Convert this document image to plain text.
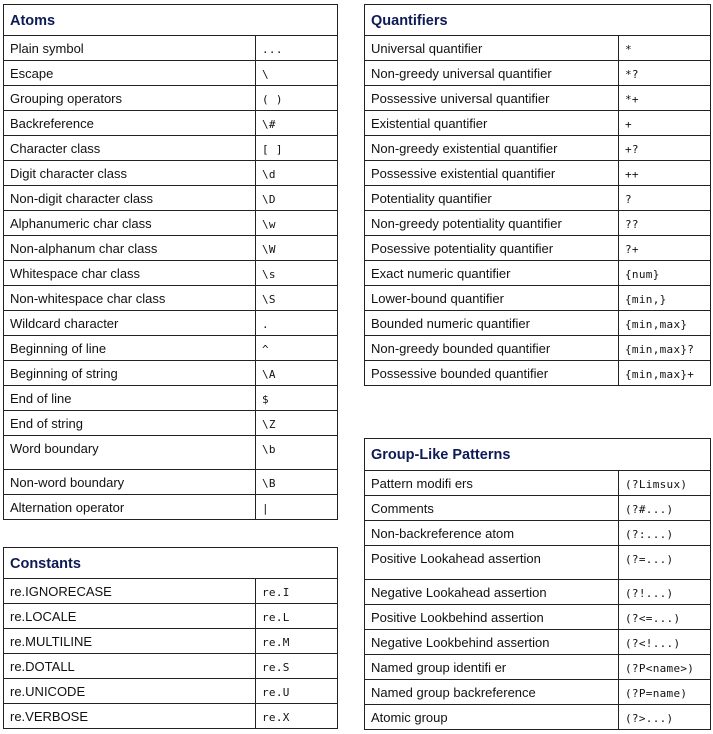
Atoms	
Plain symbol	...
Escape	\
Grouping operators	( )
Backreference	\#
Character class	[ ]
Digit character class	\d
Non-digit character class	\D
Alphanumeric char class	\w
Non-alphanum char class	\W
Whitespace char class	\s
Non-whitespace char class	\S
Wildcard character	.
Beginning of line	^
Beginning of string	\A
End of line	$
End of string	\Z
Word boundary	\b
Non-word boundary	\B
Alternation operator	|
Constants	
re.IGNORECASE	re.I
re.LOCALE	re.L
re.MULTILINE	re.M
re.DOTALL	re.S
re.UNICODE	re.U
re.VERBOSE	re.X
Quantifiers	
Universal quantifier	*
Non-greedy universal quantifier	*?
Possessive universal quantifier	*+
Existential quantifier	+
Non-greedy existential quantifier	+?
Possessive existential quantifier	++
Potentiality quantifier	?
Non-greedy potentiality quantifier	??
Posessive potentiality quantifier	?+
Exact numeric quantifier	{num}
Lower-bound quantifier	{min,}
Bounded numeric quantifier	{min,max}
Non-greedy bounded quantifier	{min,max}?
Possessive bounded quantifier	{min,max}+
Group-Like Patterns	
Pattern modifi ers	(?Limsux)
Comments	(?#...)
Non-backreference atom	(?:...)
Positive Lookahead assertion	(?=...)
Negative Lookahead assertion	(?!...)
Positive Lookbehind assertion	(?<=...)
Negative Lookbehind assertion	(?<!...)
Named group identifi er	(?P<name>)
Named group backreference	(?P=name)
Atomic group	(?>...)
